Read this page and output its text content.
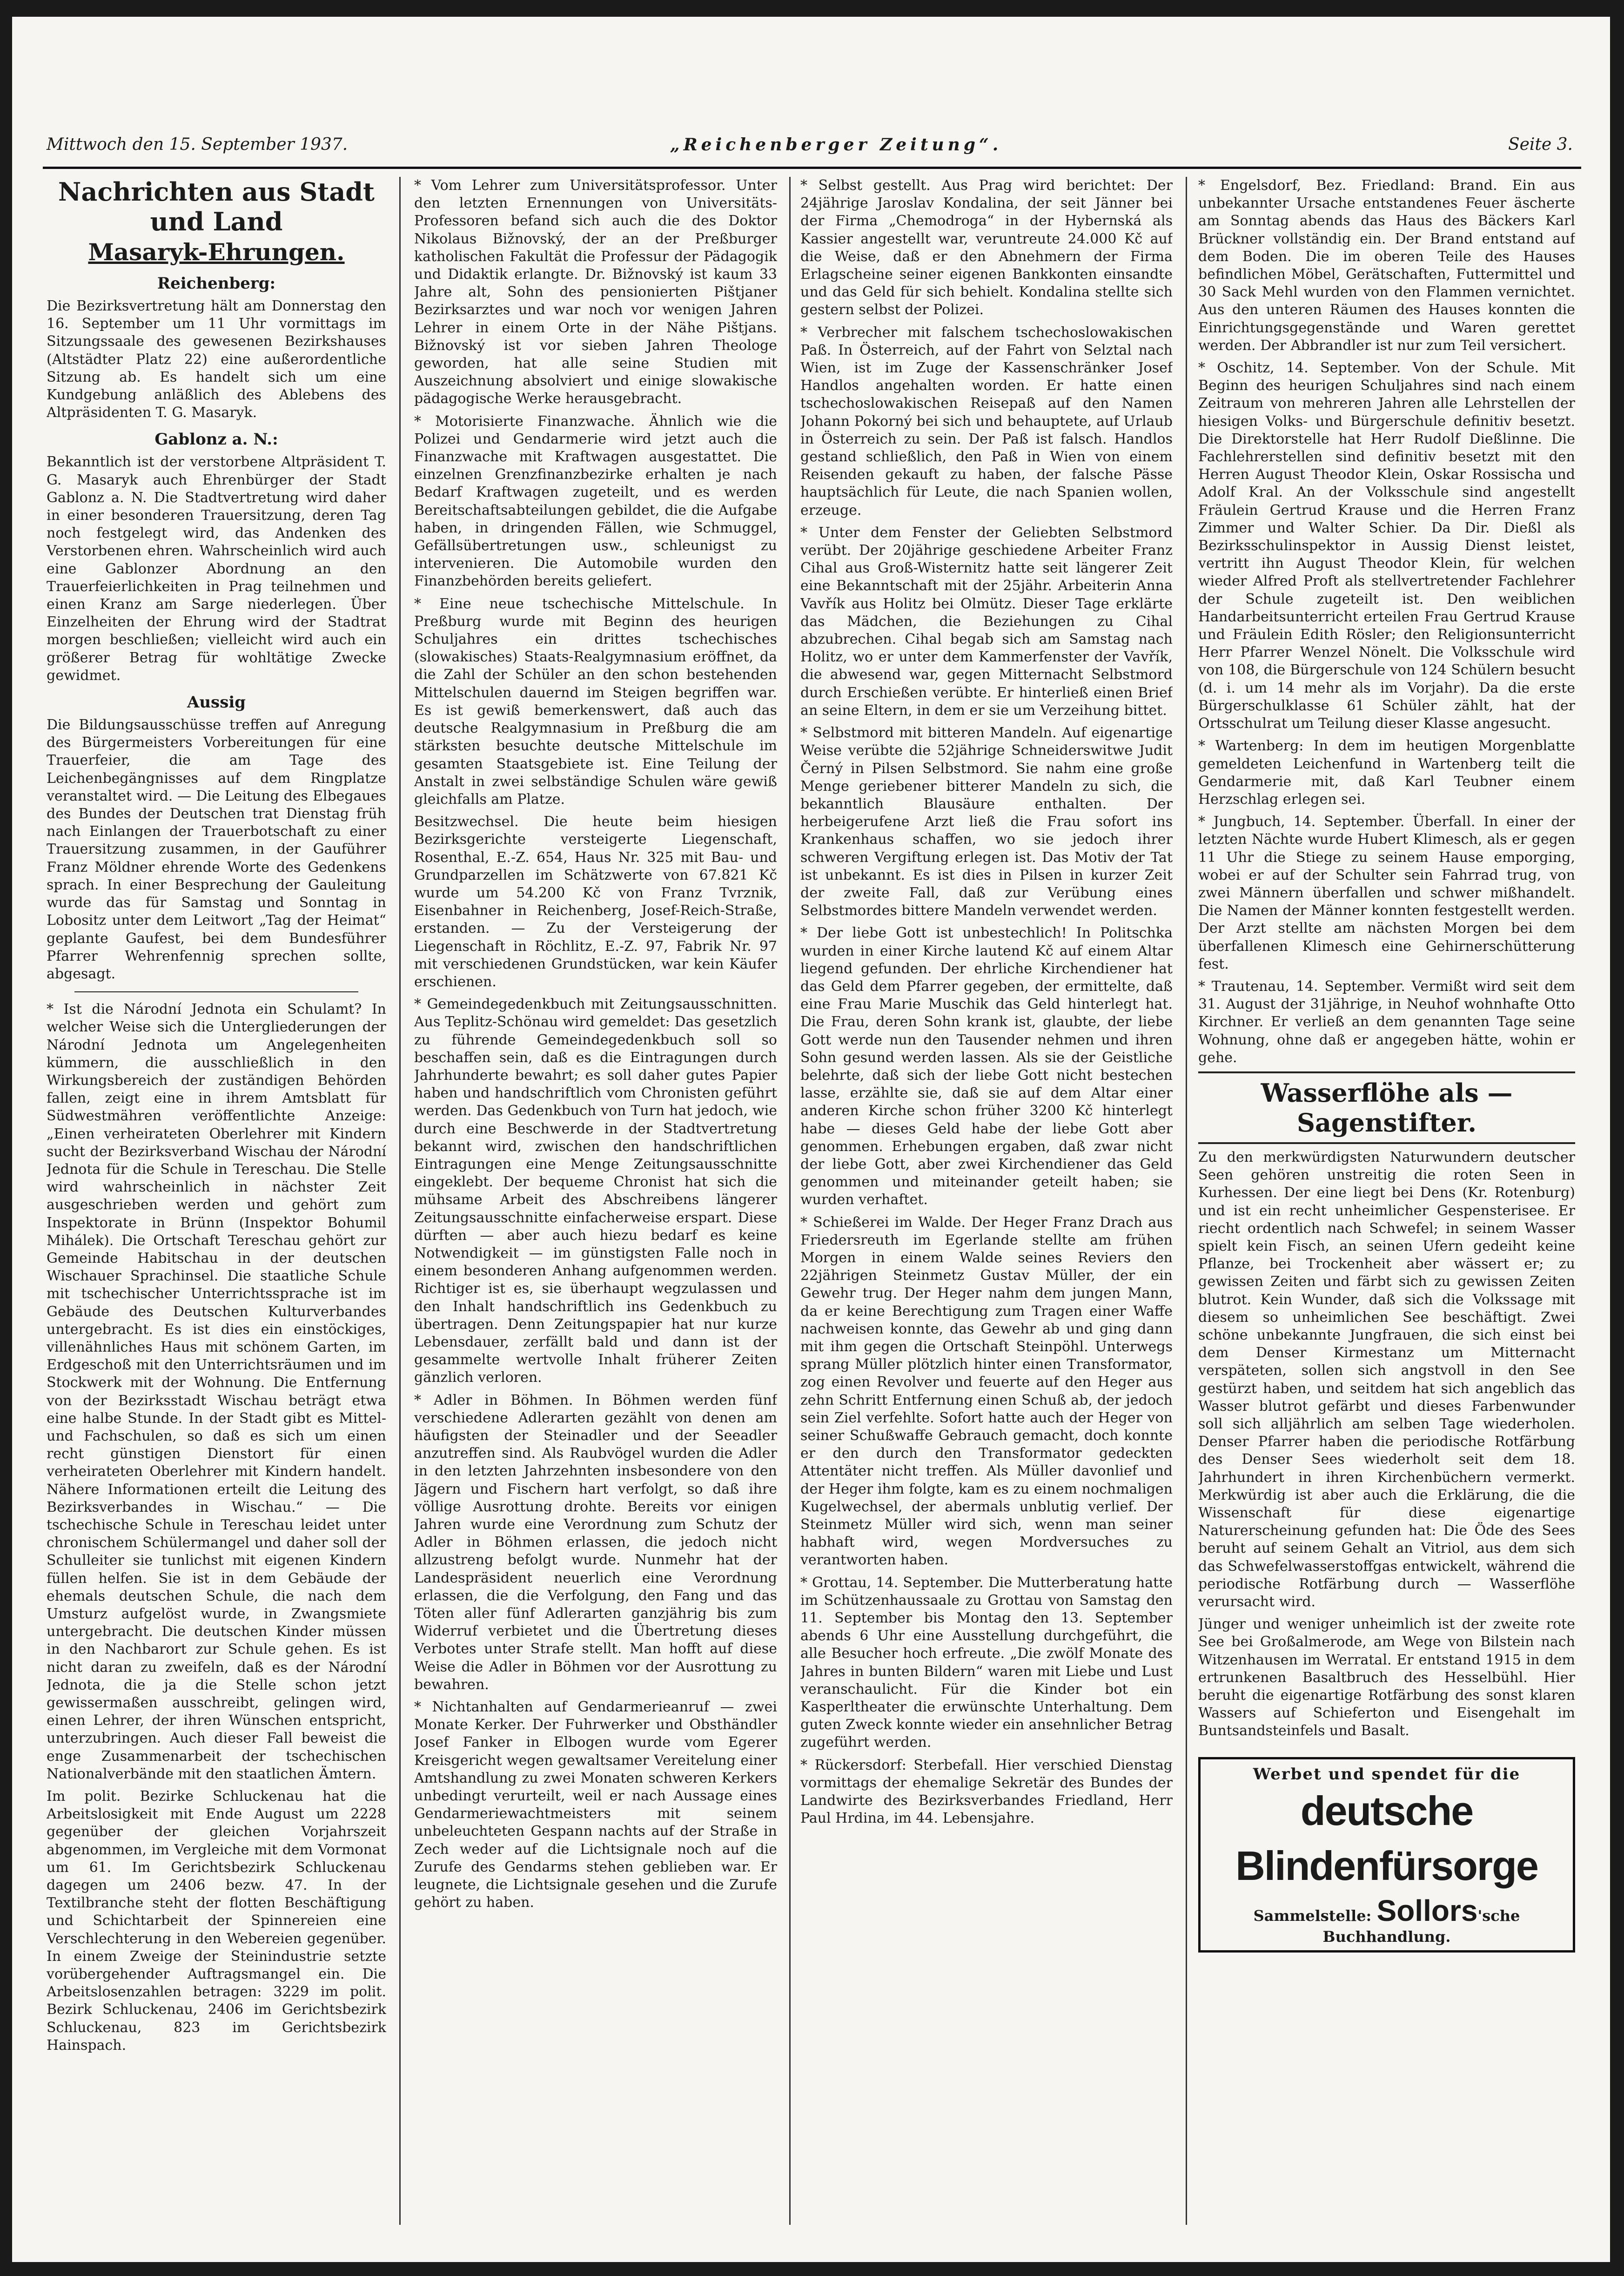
Mittwoch den 15. September 1937.	„Reichenberger Zeitung“.	Seite 3.
Nachrichten aus Stadt und Land
Masaryk-Ehrungen.
Reichenberg:

Die Bezirksvertretung hält am Donnerstag den 16. September um 11 Uhr vormittags im Sitzungssaale des gewesenen Bezirkshauses (Altstädter Platz 22) eine außerordentliche Sitzung ab. Es handelt sich um eine Kundgebung anläßlich des Ablebens des Altpräsidenten T. G. Masaryk.

Gablonz a. N.:

Bekanntlich ist der verstorbene Altpräsident T. G. Masaryk auch Ehrenbürger der Stadt Gablonz a. N. Die Stadtvertretung wird daher in einer besonderen Trauersitzung, deren Tag noch festgelegt wird, das Andenken des Verstorbenen ehren. Wahrscheinlich wird auch eine Gablonzer Abordnung an den Trauerfeierlichkeiten in Prag teilnehmen und einen Kranz am Sarge niederlegen. Über Einzelheiten der Ehrung wird der Stadtrat morgen beschließen; vielleicht wird auch ein größerer Betrag für wohltätige Zwecke gewidmet.

Aussig

Die Bildungsausschüsse treffen auf Anregung des Bürgermeisters Vorbereitungen für eine Trauerfeier, die am Tage des Leichenbegängnisses auf dem Ringplatze veranstaltet wird. — Die Leitung des Elbegaues des Bundes der Deutschen trat Dienstag früh nach Einlangen der Trauerbotschaft zu einer Trauersitzung zusammen, in der Gauführer Franz Möldner ehrende Worte des Gedenkens sprach. In einer Besprechung der Gauleitung wurde das für Samstag und Sonntag in Lobositz unter dem Leitwort „Tag der Heimat“ geplante Gaufest, bei dem Bundesführer Pfarrer Wehrenfennig sprechen sollte, abgesagt.

* Ist die Národní Jednota ein Schulamt? In welcher Weise sich die Untergliederungen der Národní Jednota um Angelegenheiten kümmern, die ausschließlich in den Wirkungsbereich der zuständigen Behörden fallen, zeigt eine in ihrem Amtsblatt für Südwestmähren veröffentlichte Anzeige: „Einen verheirateten Oberlehrer mit Kindern sucht der Bezirksverband Wischau der Národní Jednota für die Schule in Tereschau. Die Stelle wird wahrscheinlich in nächster Zeit ausgeschrieben werden und gehört zum Inspektorate in Brünn (Inspektor Bohumil Mihálek). Die Ortschaft Tereschau gehört zur Gemeinde Habitschau in der deutschen Wischauer Sprachinsel. Die staatliche Schule mit tschechischer Unterrichtssprache ist im Gebäude des Deutschen Kulturverbandes untergebracht. Es ist dies ein einstöckiges, villenähnliches Haus mit schönem Garten, im Erdgeschoß mit den Unterrichtsräumen und im Stockwerk mit der Wohnung. Die Entfernung von der Bezirksstadt Wischau beträgt etwa eine halbe Stunde. In der Stadt gibt es Mittel- und Fachschulen, so daß es sich um einen recht günstigen Dienstort für einen verheirateten Oberlehrer mit Kindern handelt. Nähere Informationen erteilt die Leitung des Bezirksverbandes in Wischau.“ — Die tschechische Schule in Tereschau leidet unter chronischem Schülermangel und daher soll der Schulleiter sie tunlichst mit eigenen Kindern füllen helfen. Sie ist in dem Gebäude der ehemals deutschen Schule, die nach dem Umsturz aufgelöst wurde, in Zwangsmiete untergebracht. Die deutschen Kinder müssen in den Nachbarort zur Schule gehen. Es ist nicht daran zu zweifeln, daß es der Národní Jednota, die ja die Stelle schon jetzt gewissermaßen ausschreibt, gelingen wird, einen Lehrer, der ihren Wünschen entspricht, unterzubringen. Auch dieser Fall beweist die enge Zusammenarbeit der tschechischen Nationalverbände mit den staatlichen Ämtern.

Im polit. Bezirke Schluckenau hat die Arbeitslosigkeit mit Ende August um 2228 gegenüber der gleichen Vorjahrszeit abgenommen, im Vergleiche mit dem Vormonat um 61. Im Gerichtsbezirk Schluckenau dagegen um 2406 bezw. 47. In der Textilbranche steht der flotten Beschäftigung und Schichtarbeit der Spinnereien eine Verschlechterung in den Webereien gegenüber. In einem Zweige der Steinindustrie setzte vorübergehender Auftragsmangel ein. Die Arbeitslosenzahlen betragen: 3229 im polit. Bezirk Schluckenau, 2406 im Gerichtsbezirk Schluckenau, 823 im Gerichtsbezirk Hainspach.

* Vom Lehrer zum Universitätsprofessor. Unter den letzten Ernennungen von Universitäts-Professoren befand sich auch die des Doktor Nikolaus Bižnovský, der an der Preßburger katholischen Fakultät die Professur der Pädagogik und Didaktik erlangte. Dr. Bižnovský ist kaum 33 Jahre alt, Sohn des pensionierten Pištjaner Bezirksarztes und war noch vor wenigen Jahren Lehrer in einem Orte in der Nähe Pištjans. Bižnovský ist vor sieben Jahren Theologe geworden, hat alle seine Studien mit Auszeichnung absolviert und einige slowakische pädagogische Werke herausgebracht.

* Motorisierte Finanzwache. Ähnlich wie die Polizei und Gendarmerie wird jetzt auch die Finanzwache mit Kraftwagen ausgestattet. Die einzelnen Grenzfinanzbezirke erhalten je nach Bedarf Kraftwagen zugeteilt, und es werden Bereitschaftsabteilungen gebildet, die die Aufgabe haben, in dringenden Fällen, wie Schmuggel, Gefällsübertretungen usw., schleunigst zu intervenieren. Die Automobile wurden den Finanzbehörden bereits geliefert.

* Eine neue tschechische Mittelschule. In Preßburg wurde mit Beginn des heurigen Schuljahres ein drittes tschechisches (slowakisches) Staats-Realgymnasium eröffnet, da die Zahl der Schüler an den schon bestehenden Mittelschulen dauernd im Steigen begriffen war. Es ist gewiß bemerkenswert, daß auch das deutsche Realgymnasium in Preßburg die am stärksten besuchte deutsche Mittelschule im gesamten Staatsgebiete ist. Eine Teilung der Anstalt in zwei selbständige Schulen wäre gewiß gleichfalls am Platze.

Besitzwechsel. Die heute beim hiesigen Bezirksgerichte versteigerte Liegenschaft, Rosenthal, E.-Z. 654, Haus Nr. 325 mit Bau- und Grundparzellen im Schätzwerte von 67.821 Kč wurde um 54.200 Kč von Franz Tvrznik, Eisenbahner in Reichenberg, Josef-Reich-Straße, erstanden. — Zu der Versteigerung der Liegenschaft in Röchlitz, E.-Z. 97, Fabrik Nr. 97 mit verschiedenen Grundstücken, war kein Käufer erschienen.

* Gemeindegedenkbuch mit Zeitungsausschnitten. Aus Teplitz-Schönau wird gemeldet: Das gesetzlich zu führende Gemeindegedenkbuch soll so beschaffen sein, daß es die Eintragungen durch Jahrhunderte bewahrt; es soll daher gutes Papier haben und handschriftlich vom Chronisten geführt werden. Das Gedenkbuch von Turn hat jedoch, wie durch eine Beschwerde in der Stadtvertretung bekannt wird, zwischen den handschriftlichen Eintragungen eine Menge Zeitungsausschnitte eingeklebt. Der bequeme Chronist hat sich die mühsame Arbeit des Abschreibens längerer Zeitungsausschnitte einfacherweise erspart. Diese dürften — aber auch hiezu bedarf es keine Notwendigkeit — im günstigsten Falle noch in einem besonderen Anhang aufgenommen werden. Richtiger ist es, sie überhaupt wegzulassen und den Inhalt handschriftlich ins Gedenkbuch zu übertragen. Denn Zeitungspapier hat nur kurze Lebensdauer, zerfällt bald und dann ist der gesammelte wertvolle Inhalt früherer Zeiten gänzlich verloren.

* Adler in Böhmen. In Böhmen werden fünf verschiedene Adlerarten gezählt von denen am häufigsten der Steinadler und der Seeadler anzutreffen sind. Als Raubvögel wurden die Adler in den letzten Jahrzehnten insbesondere von den Jägern und Fischern hart verfolgt, so daß ihre völlige Ausrottung drohte. Bereits vor einigen Jahren wurde eine Verordnung zum Schutz der Adler in Böhmen erlassen, die jedoch nicht allzustreng befolgt wurde. Nunmehr hat der Landespräsident neuerlich eine Verordnung erlassen, die die Verfolgung, den Fang und das Töten aller fünf Adlerarten ganzjährig bis zum Widerruf verbietet und die Übertretung dieses Verbotes unter Strafe stellt. Man hofft auf diese Weise die Adler in Böhmen vor der Ausrottung zu bewahren.

* Nichtanhalten auf Gendarmerieanruf — zwei Monate Kerker. Der Fuhrwerker und Obsthändler Josef Fanker in Elbogen wurde vom Egerer Kreisgericht wegen gewaltsamer Vereitelung einer Amtshandlung zu zwei Monaten schweren Kerkers unbedingt verurteilt, weil er nach Aussage eines Gendarmeriewachtmeisters mit seinem unbeleuchteten Gespann nachts auf der Straße in Zech weder auf die Lichtsignale noch auf die Zurufe des Gendarms stehen geblieben war. Er leugnete, die Lichtsignale gesehen und die Zurufe gehört zu haben.

* Selbst gestellt. Aus Prag wird berichtet: Der 24jährige Jaroslav Kondalina, der seit Jänner bei der Firma „Chemodroga“ in der Hybernská als Kassier angestellt war, veruntreute 24.000 Kč auf die Weise, daß er den Abnehmern der Firma Erlagscheine seiner eigenen Bankkonten einsandte und das Geld für sich behielt. Kondalina stellte sich gestern selbst der Polizei.

* Verbrecher mit falschem tschechoslowakischen Paß. In Österreich, auf der Fahrt von Selztal nach Wien, ist im Zuge der Kassenschränker Josef Handlos angehalten worden. Er hatte einen tschechoslowakischen Reisepaß auf den Namen Johann Pokorný bei sich und behauptete, auf Urlaub in Österreich zu sein. Der Paß ist falsch. Handlos gestand schließlich, den Paß in Wien von einem Reisenden gekauft zu haben, der falsche Pässe hauptsächlich für Leute, die nach Spanien wollen, erzeuge.

* Unter dem Fenster der Geliebten Selbstmord verübt. Der 20jährige geschiedene Arbeiter Franz Cihal aus Groß-Wisternitz hatte seit längerer Zeit eine Bekanntschaft mit der 25jähr. Arbeiterin Anna Vavřík aus Holitz bei Olmütz. Dieser Tage erklärte das Mädchen, die Beziehungen zu Cihal abzubrechen. Cihal begab sich am Samstag nach Holitz, wo er unter dem Kammerfenster der Vavřík, die abwesend war, gegen Mitternacht Selbstmord durch Erschießen verübte. Er hinterließ einen Brief an seine Eltern, in dem er sie um Verzeihung bittet.

* Selbstmord mit bitteren Mandeln. Auf eigenartige Weise verübte die 52jährige Schneiderswitwe Judit Černý in Pilsen Selbstmord. Sie nahm eine große Menge geriebener bitterer Mandeln zu sich, die bekanntlich Blausäure enthalten. Der herbeigerufene Arzt ließ die Frau sofort ins Krankenhaus schaffen, wo sie jedoch ihrer schweren Vergiftung erlegen ist. Das Motiv der Tat ist unbekannt. Es ist dies in Pilsen in kurzer Zeit der zweite Fall, daß zur Verübung eines Selbstmordes bittere Mandeln verwendet werden.

* Der liebe Gott ist unbestechlich! In Politschka wurden in einer Kirche lautend Kč auf einem Altar liegend gefunden. Der ehrliche Kirchendiener hat das Geld dem Pfarrer gegeben, der ermittelte, daß eine Frau Marie Muschik das Geld hinterlegt hat. Die Frau, deren Sohn krank ist, glaubte, der liebe Gott werde nun den Tausender nehmen und ihren Sohn gesund werden lassen. Als sie der Geistliche belehrte, daß sich der liebe Gott nicht bestechen lasse, erzählte sie, daß sie auf dem Altar einer anderen Kirche schon früher 3200 Kč hinterlegt habe — dieses Geld habe der liebe Gott aber genommen. Erhebungen ergaben, daß zwar nicht der liebe Gott, aber zwei Kirchendiener das Geld genommen und miteinander geteilt haben; sie wurden verhaftet.

* Schießerei im Walde. Der Heger Franz Drach aus Friedersreuth im Egerlande stellte am frühen Morgen in einem Walde seines Reviers den 22jährigen Steinmetz Gustav Müller, der ein Gewehr trug. Der Heger nahm dem jungen Mann, da er keine Berechtigung zum Tragen einer Waffe nachweisen konnte, das Gewehr ab und ging dann mit ihm gegen die Ortschaft Steinpöhl. Unterwegs sprang Müller plötzlich hinter einen Transformator, zog einen Revolver und feuerte auf den Heger aus zehn Schritt Entfernung einen Schuß ab, der jedoch sein Ziel verfehlte. Sofort hatte auch der Heger von seiner Schußwaffe Gebrauch gemacht, doch konnte er den durch den Transformator gedeckten Attentäter nicht treffen. Als Müller davonlief und der Heger ihm folgte, kam es zu einem nochmaligen Kugelwechsel, der abermals unblutig verlief. Der Steinmetz Müller wird sich, wenn man seiner habhaft wird, wegen Mordversuches zu verantworten haben.

* Grottau, 14. September. Die Mutterberatung hatte im Schützenhaussaale zu Grottau von Samstag den 11. September bis Montag den 13. September abends 6 Uhr eine Ausstellung durchgeführt, die alle Besucher hoch erfreute. „Die zwölf Monate des Jahres in bunten Bildern“ waren mit Liebe und Lust veranschaulicht. Für die Kinder bot ein Kasperltheater die erwünschte Unterhaltung. Dem guten Zweck konnte wieder ein ansehnlicher Betrag zugeführt werden.

* Rückersdorf: Sterbefall. Hier verschied Dienstag vormittags der ehemalige Sekretär des Bundes der Landwirte des Bezirksverbandes Friedland, Herr Paul Hrdina, im 44. Lebensjahre.

* Engelsdorf, Bez. Friedland: Brand. Ein aus unbekannter Ursache entstandenes Feuer äscherte am Sonntag abends das Haus des Bäckers Karl Brückner vollständig ein. Der Brand entstand auf dem Boden. Die im oberen Teile des Hauses befindlichen Möbel, Gerätschaften, Futtermittel und 30 Sack Mehl wurden von den Flammen vernichtet. Aus den unteren Räumen des Hauses konnten die Einrichtungsgegenstände und Waren gerettet werden. Der Abbrandler ist nur zum Teil versichert.

* Oschitz, 14. September. Von der Schule. Mit Beginn des heurigen Schuljahres sind nach einem Zeitraum von mehreren Jahren alle Lehrstellen der hiesigen Volks- und Bürgerschule definitiv besetzt. Die Direktorstelle hat Herr Rudolf Dießlinne. Die Fachlehrerstellen sind definitiv besetzt mit den Herren August Theodor Klein, Oskar Rossischa und Adolf Kral. An der Volksschule sind angestellt Fräulein Gertrud Krause und die Herren Franz Zimmer und Walter Schier. Da Dir. Dießl als Bezirksschulinspektor in Aussig Dienst leistet, vertritt ihn August Theodor Klein, für welchen wieder Alfred Proft als stellvertretender Fachlehrer der Schule zugeteilt ist. Den weiblichen Handarbeitsunterricht erteilen Frau Gertrud Krause und Fräulein Edith Rösler; den Religionsunterricht Herr Pfarrer Wenzel Nönelt. Die Volksschule wird von 108, die Bürgerschule von 124 Schülern besucht (d. i. um 14 mehr als im Vorjahr). Da die erste Bürgerschulklasse 61 Schüler zählt, hat der Ortsschulrat um Teilung dieser Klasse angesucht.

* Wartenberg: In dem im heutigen Morgenblatte gemeldeten Leichenfund in Wartenberg teilt die Gendarmerie mit, daß Karl Teubner einem Herzschlag erlegen sei.

* Jungbuch, 14. September. Überfall. In einer der letzten Nächte wurde Hubert Klimesch, als er gegen 11 Uhr die Stiege zu seinem Hause emporging, wobei er auf der Schulter sein Fahrrad trug, von zwei Männern überfallen und schwer mißhandelt. Die Namen der Männer konnten festgestellt werden. Der Arzt stellte am nächsten Morgen bei dem überfallenen Klimesch eine Gehirnerschütterung fest.

* Trautenau, 14. September. Vermißt wird seit dem 31. August der 31jährige, in Neuhof wohnhafte Otto Kirchner. Er verließ an dem genannten Tage seine Wohnung, ohne daß er angegeben hätte, wohin er gehe.

Wasserflöhe als — Sagenstifter.

Zu den merkwürdigsten Naturwundern deutscher Seen gehören unstreitig die roten Seen in Kurhessen. Der eine liegt bei Dens (Kr. Rotenburg) und ist ein recht unheimlicher Gespensterisee. Er riecht ordentlich nach Schwefel; in seinem Wasser spielt kein Fisch, an seinen Ufern gedeiht keine Pflanze, bei Trockenheit aber wässert er; zu gewissen Zeiten und färbt sich zu gewissen Zeiten blutrot. Kein Wunder, daß sich die Volkssage mit diesem so unheimlichen See beschäftigt. Zwei schöne unbekannte Jungfrauen, die sich einst bei dem Denser Kirmestanz um Mitternacht verspäteten, sollen sich angstvoll in den See gestürzt haben, und seitdem hat sich angeblich das Wasser blutrot gefärbt und dieses Farbenwunder soll sich alljährlich am selben Tage wiederholen. Denser Pfarrer haben die periodische Rotfärbung des Denser Sees wiederholt seit dem 18. Jahrhundert in ihren Kirchenbüchern vermerkt. Merkwürdig ist aber auch die Erklärung, die die Wissenschaft für diese eigenartige Naturerscheinung gefunden hat: Die Öde des Sees beruht auf seinem Gehalt an Vitriol, aus dem sich das Schwefelwasserstoffgas entwickelt, während die periodische Rotfärbung durch — Wasserflöhe verursacht wird.

Jünger und weniger unheimlich ist der zweite rote See bei Großalmerode, am Wege von Bilstein nach Witzenhausen im Werratal. Er entstand 1915 in dem ertrunkenen Basaltbruch des Hesselbühl. Hier beruht die eigenartige Rotfärbung des sonst klaren Wassers auf Schieferton und Eisengehalt im Buntsandsteinfels und Basalt.

Werbet und spendet für die
deutsche Blindenfürsorge
Sammelstelle: Sollors'sche Buchhandlung.
